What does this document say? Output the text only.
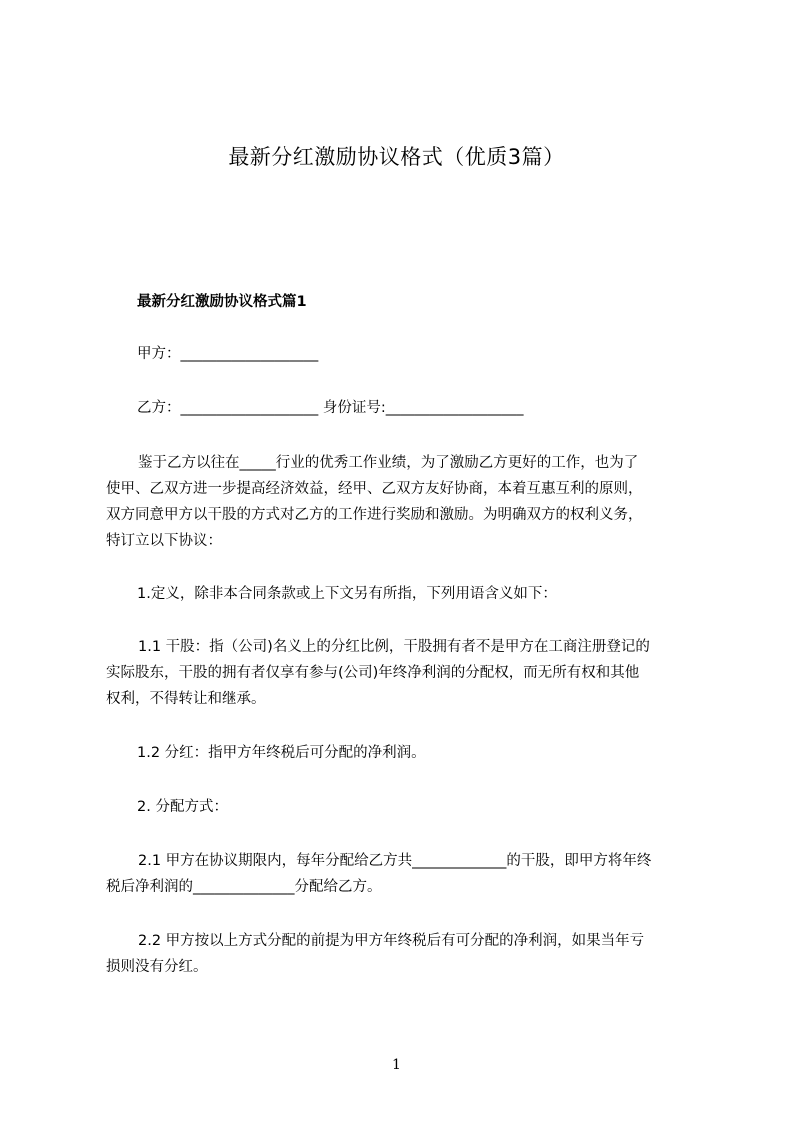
最新分红激励协议格式（优质3篇）
最新分红激励协议格式篇1
甲方：___________________
乙方：___________________ 身份证号:___________________
鉴于乙方以往在_____行业的优秀工作业绩，为了激励乙方更好的工作，也为了
使甲、乙双方进一步提高经济效益，经甲、乙双方友好协商，本着互惠互利的原则，
双方同意甲方以干股的方式对乙方的工作进行奖励和激励。为明确双方的权利义务，
特订立以下协议：
1.定义，除非本合同条款或上下文另有所指，下列用语含义如下：
1.1 干股：指（公司)名义上的分红比例，干股拥有者不是甲方在工商注册登记的
实际股东，干股的拥有者仅享有参与(公司)年终净利润的分配权，而无所有权和其他
权利，不得转让和继承。
1.2 分红：指甲方年终税后可分配的净利润。
2. 分配方式：
2.1 甲方在协议期限内，每年分配给乙方共_____________的干股，即甲方将年终
税后净利润的______________分配给乙方。
2.2 甲方按以上方式分配的前提为甲方年终税后有可分配的净利润，如果当年亏
损则没有分红。
1
